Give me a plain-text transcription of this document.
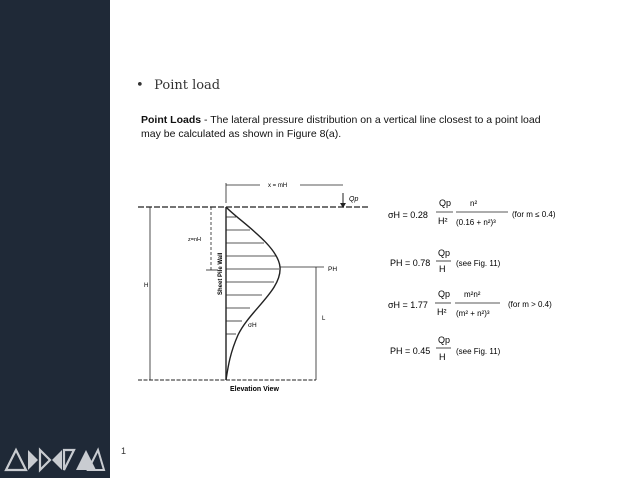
• Point load
Point Loads - The lateral pressure distribution on a vertical line closest to a point load may be calculated as shown in Figure 8(a).
x = mH
Qp
z=nH
H	Sheet Pile Wall	PH
L
σH
Elevation View
σH = 0.28
Qp
H²
n²
(0.16 + n²)³
(for m ≤ 0.4)
PH = 0.78
Qp
H
(see Fig. 11)
σH = 1.77
Qp
H²
m²n²
(m² + n²)³
(for m > 0.4)
PH = 0.45
Qp
H
(see Fig. 11)
1
